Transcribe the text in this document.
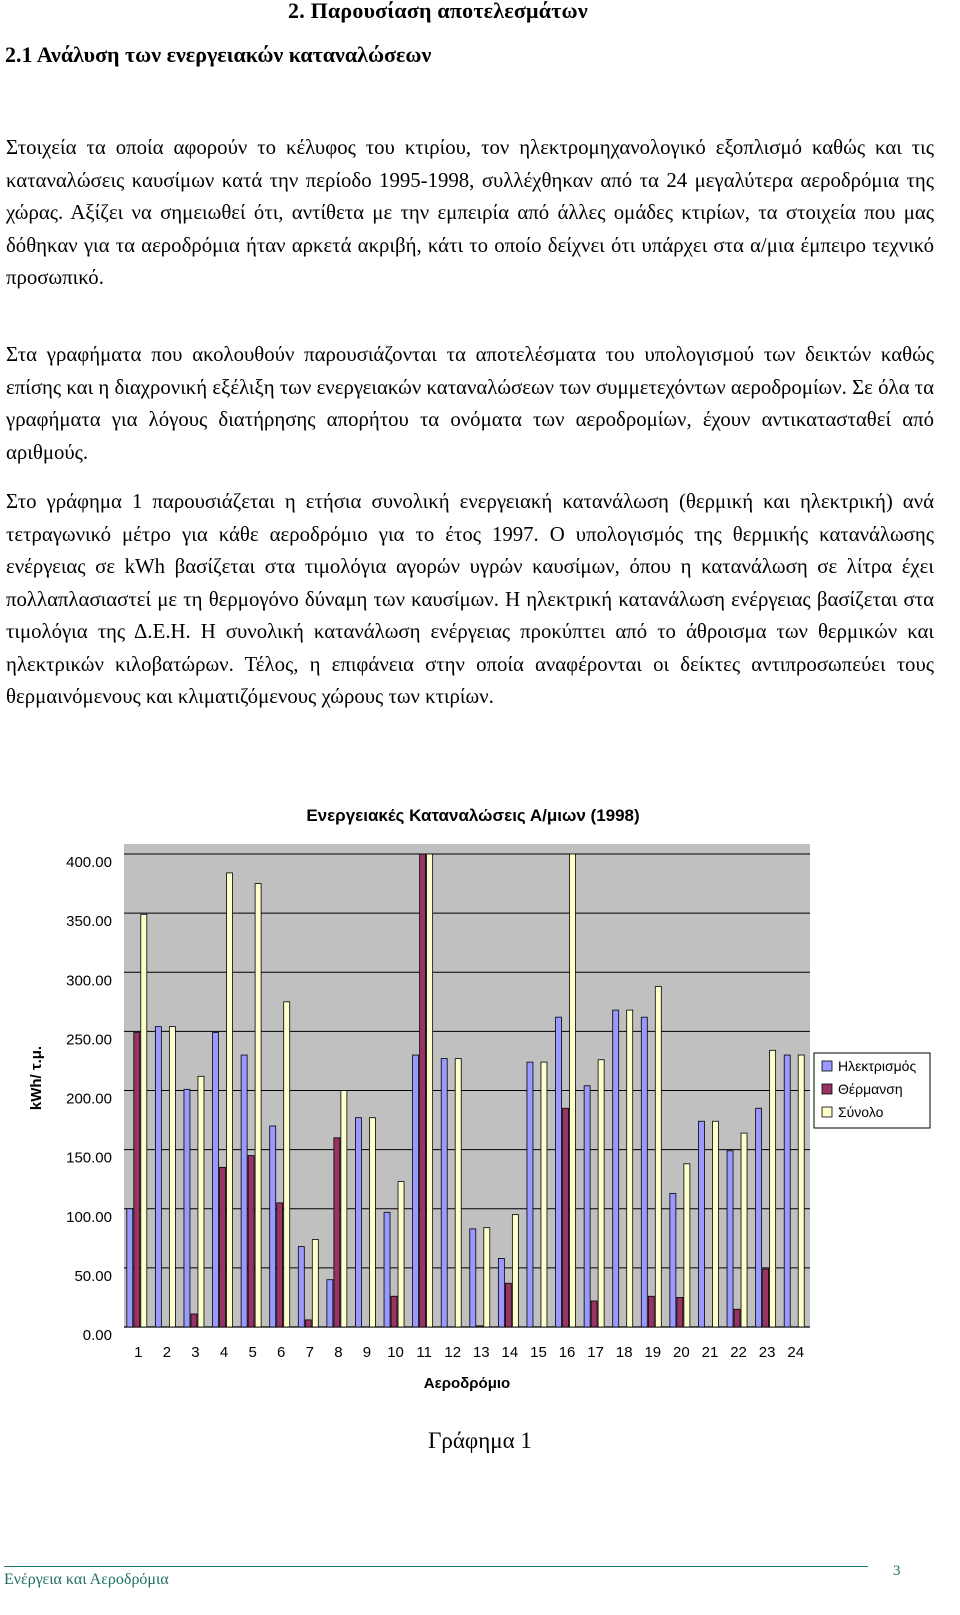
2. Παρουσίαση αποτελεσμάτων
2.1 Ανάλυση των ενεργειακών καταναλώσεων

Στοιχεία τα οποία αφορούν το κέλυφος του κτιρίου, τον ηλεκτρομηχανολογικό εξοπλισμό καθώς και τις καταναλώσεις καυσίμων κατά την περίοδο 1995-1998, συλλέχθηκαν από τα 24 μεγαλύτερα αεροδρόμια της χώρας. Αξίζει να σημειωθεί ότι, αντίθετα με την εμπειρία από άλλες ομάδες κτιρίων, τα στοιχεία που μας δόθηκαν για τα αεροδρόμια ήταν αρκετά ακριβή, κάτι το οποίο δείχνει ότι υπάρχει στα α/μια έμπειρο τεχνικό προσωπικό.

Στα γραφήματα που ακολουθούν παρουσιάζονται τα αποτελέσματα του υπολογισμού των δεικτών καθώς επίσης και η διαχρονική εξέλιξη των ενεργειακών καταναλώσεων των συμμετεχόντων αεροδρομίων. Σε όλα τα γραφήματα για λόγους διατήρησης απορήτου τα ονόματα των αεροδρομίων, έχουν αντικατασταθεί από αριθμούς.

Στο γράφημα 1 παρουσιάζεται η ετήσια συνολική ενεργειακή κατανάλωση (θερμική και ηλεκτρική) ανά τετραγωνικό μέτρο για κάθε αεροδρόμιο για το έτος 1997. Ο υπολογισμός της θερμικής κατανάλωσης ενέργειας σε kWh βασίζεται στα τιμολόγια αγορών υγρών καυσίμων, όπου η κατανάλωση σε λίτρα έχει πολλαπλασιαστεί με τη θερμογόνο δύναμη των καυσίμων. Η ηλεκτρική κατανάλωση ενέργειας βασίζεται στα τιμολόγια της Δ.Ε.Η. Η συνολική κατανάλωση ενέργειας προκύπτει από το άθροισμα των θερμικών και ηλεκτρικών κιλοβατώρων. Τέλος, η επιφάνεια στην οποία αναφέρονται οι δείκτες αντιπροσωπεύει τους θερμαινόμενους και κλιματιζόμενους χώρους των κτιρίων.

0.00
50.00
100.00
150.00
200.00
250.00
300.00
350.00
400.00
1 2 3 4 5 6 7 8 9 10 11 12 13 14 15 16 17 18 19 20 21 22 23 24
Ενεργειακές Καταναλώσεις Α/μιων (1998)
Αεροδρόμιο
kWh/ τ.μ.	Ηλεκτρισμός
Θέρμανση
Σύνολο
Γράφημα 1
Ενέργεια και Αεροδρόμια	3
